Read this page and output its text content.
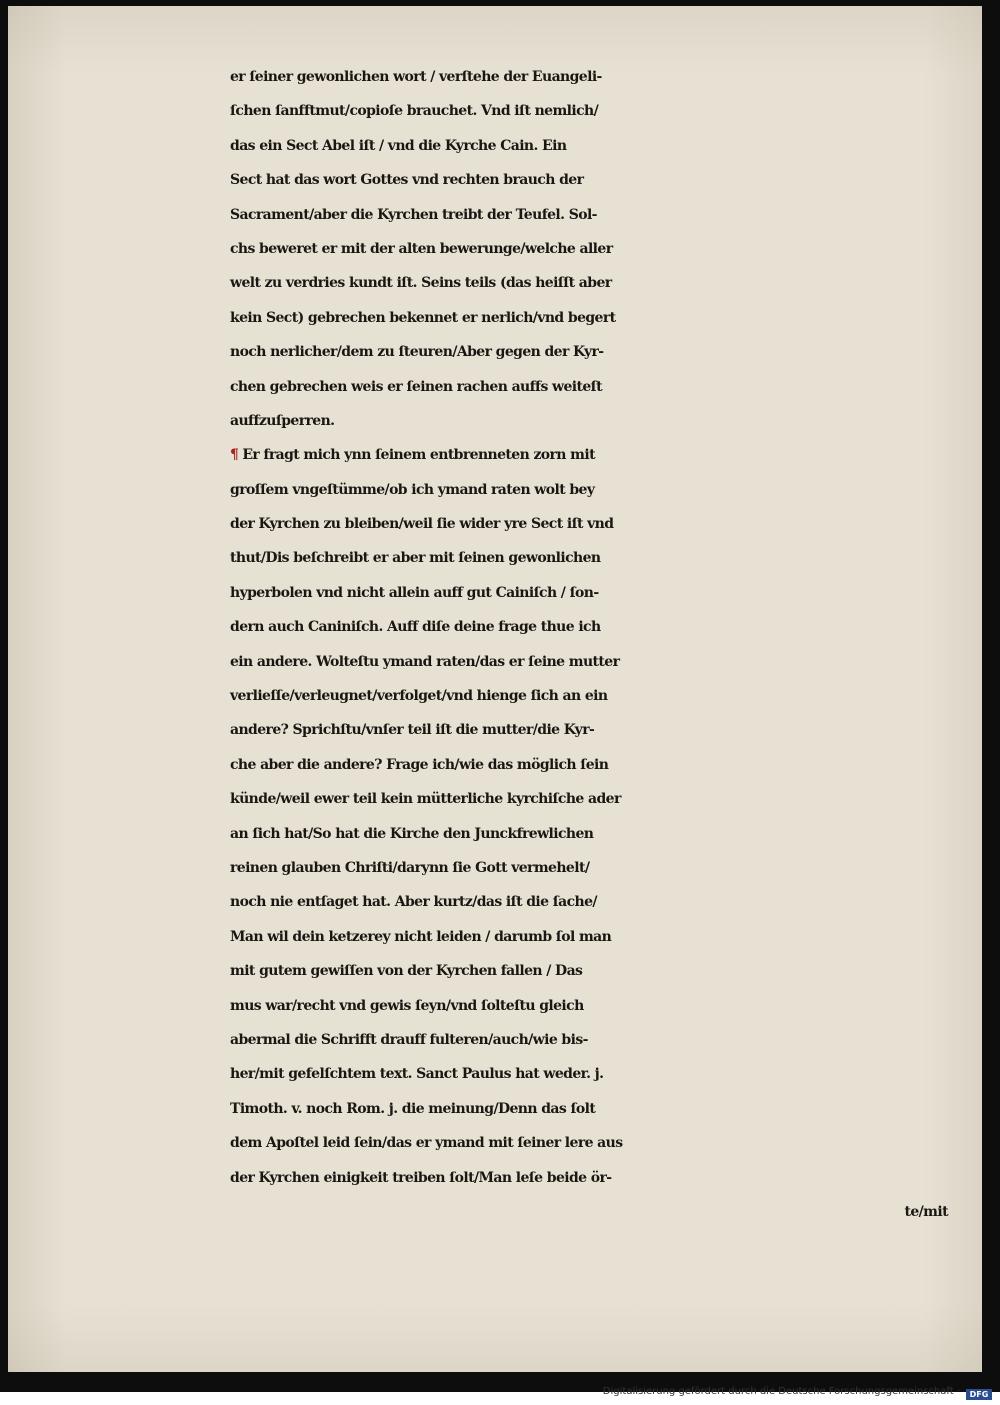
er ſeiner gewonlichen wort / verſtehe der Euangeli-
ſchen ſanfftmut/copioſe brauchet. Vnd iſt nemlich/
das ein Sect Abel iſt / vnd die Kyrche Cain. Ein
Sect hat das wort Gottes vnd rechten brauch der
Sacrament/aber die Kyrchen treibt der Teufel. Sol-
chs beweret er mit der alten bewerunge/welche aller
welt zu verdries kundt iſt. Seins teils (das heiſſt aber
kein Sect) gebrechen bekennet er nerlich/vnd begert
noch nerlicher/dem zu ſteuren/Aber gegen der Kyr-
chen gebrechen weis er ſeinen rachen auffs weiteſt
auffzuſperren.
¶ Er fragt mich ynn ſeinem entbrenneten zorn mit
groſſem vngeſtümme/ob ich ymand raten wolt bey
der Kyrchen zu bleiben/weil ſie wider yre Sect iſt vnd
thut/Dis beſchreibt er aber mit ſeinen gewonlichen
hyperbolen vnd nicht allein auff gut Cainiſch / ſon-
dern auch Caniniſch. Auff diſe deine frage thue ich
ein andere. Wolteſtu ymand raten/das er ſeine mutter
verlieſſe/verleugnet/verfolget/vnd hienge ſich an ein
andere? Sprichſtu/vnſer teil iſt die mutter/die Kyr-
che aber die andere? Frage ich/wie das möglich ſein
künde/weil ewer teil kein mütterliche kyrchiſche ader
an ſich hat/So hat die Kirche den Junckfrewlichen
reinen glauben Chriſti/darynn ſie Gott vermehelt/
noch nie entſaget hat. Aber kurtz/das iſt die ſache/
Man wil dein ketzerey nicht leiden / darumb ſol man
mit gutem gewiſſen von der Kyrchen fallen / Das
mus war/recht vnd gewis ſeyn/vnd ſolteſtu gleich
abermal die Schrifft drauff fulteren/auch/wie bis-
her/mit gefelſchtem text. Sanct Paulus hat weder. j.
Timoth. v. noch Rom. j. die meinung/Denn das ſolt
dem Apoſtel leid ſein/das er ymand mit ſeiner lere aus
der Kyrchen einigkeit treiben ſolt/Man leſe beide ör-
te/mit
Digitalisierung gefördert durch die Deutsche Forschungsgemeinschaft ·	DFG
